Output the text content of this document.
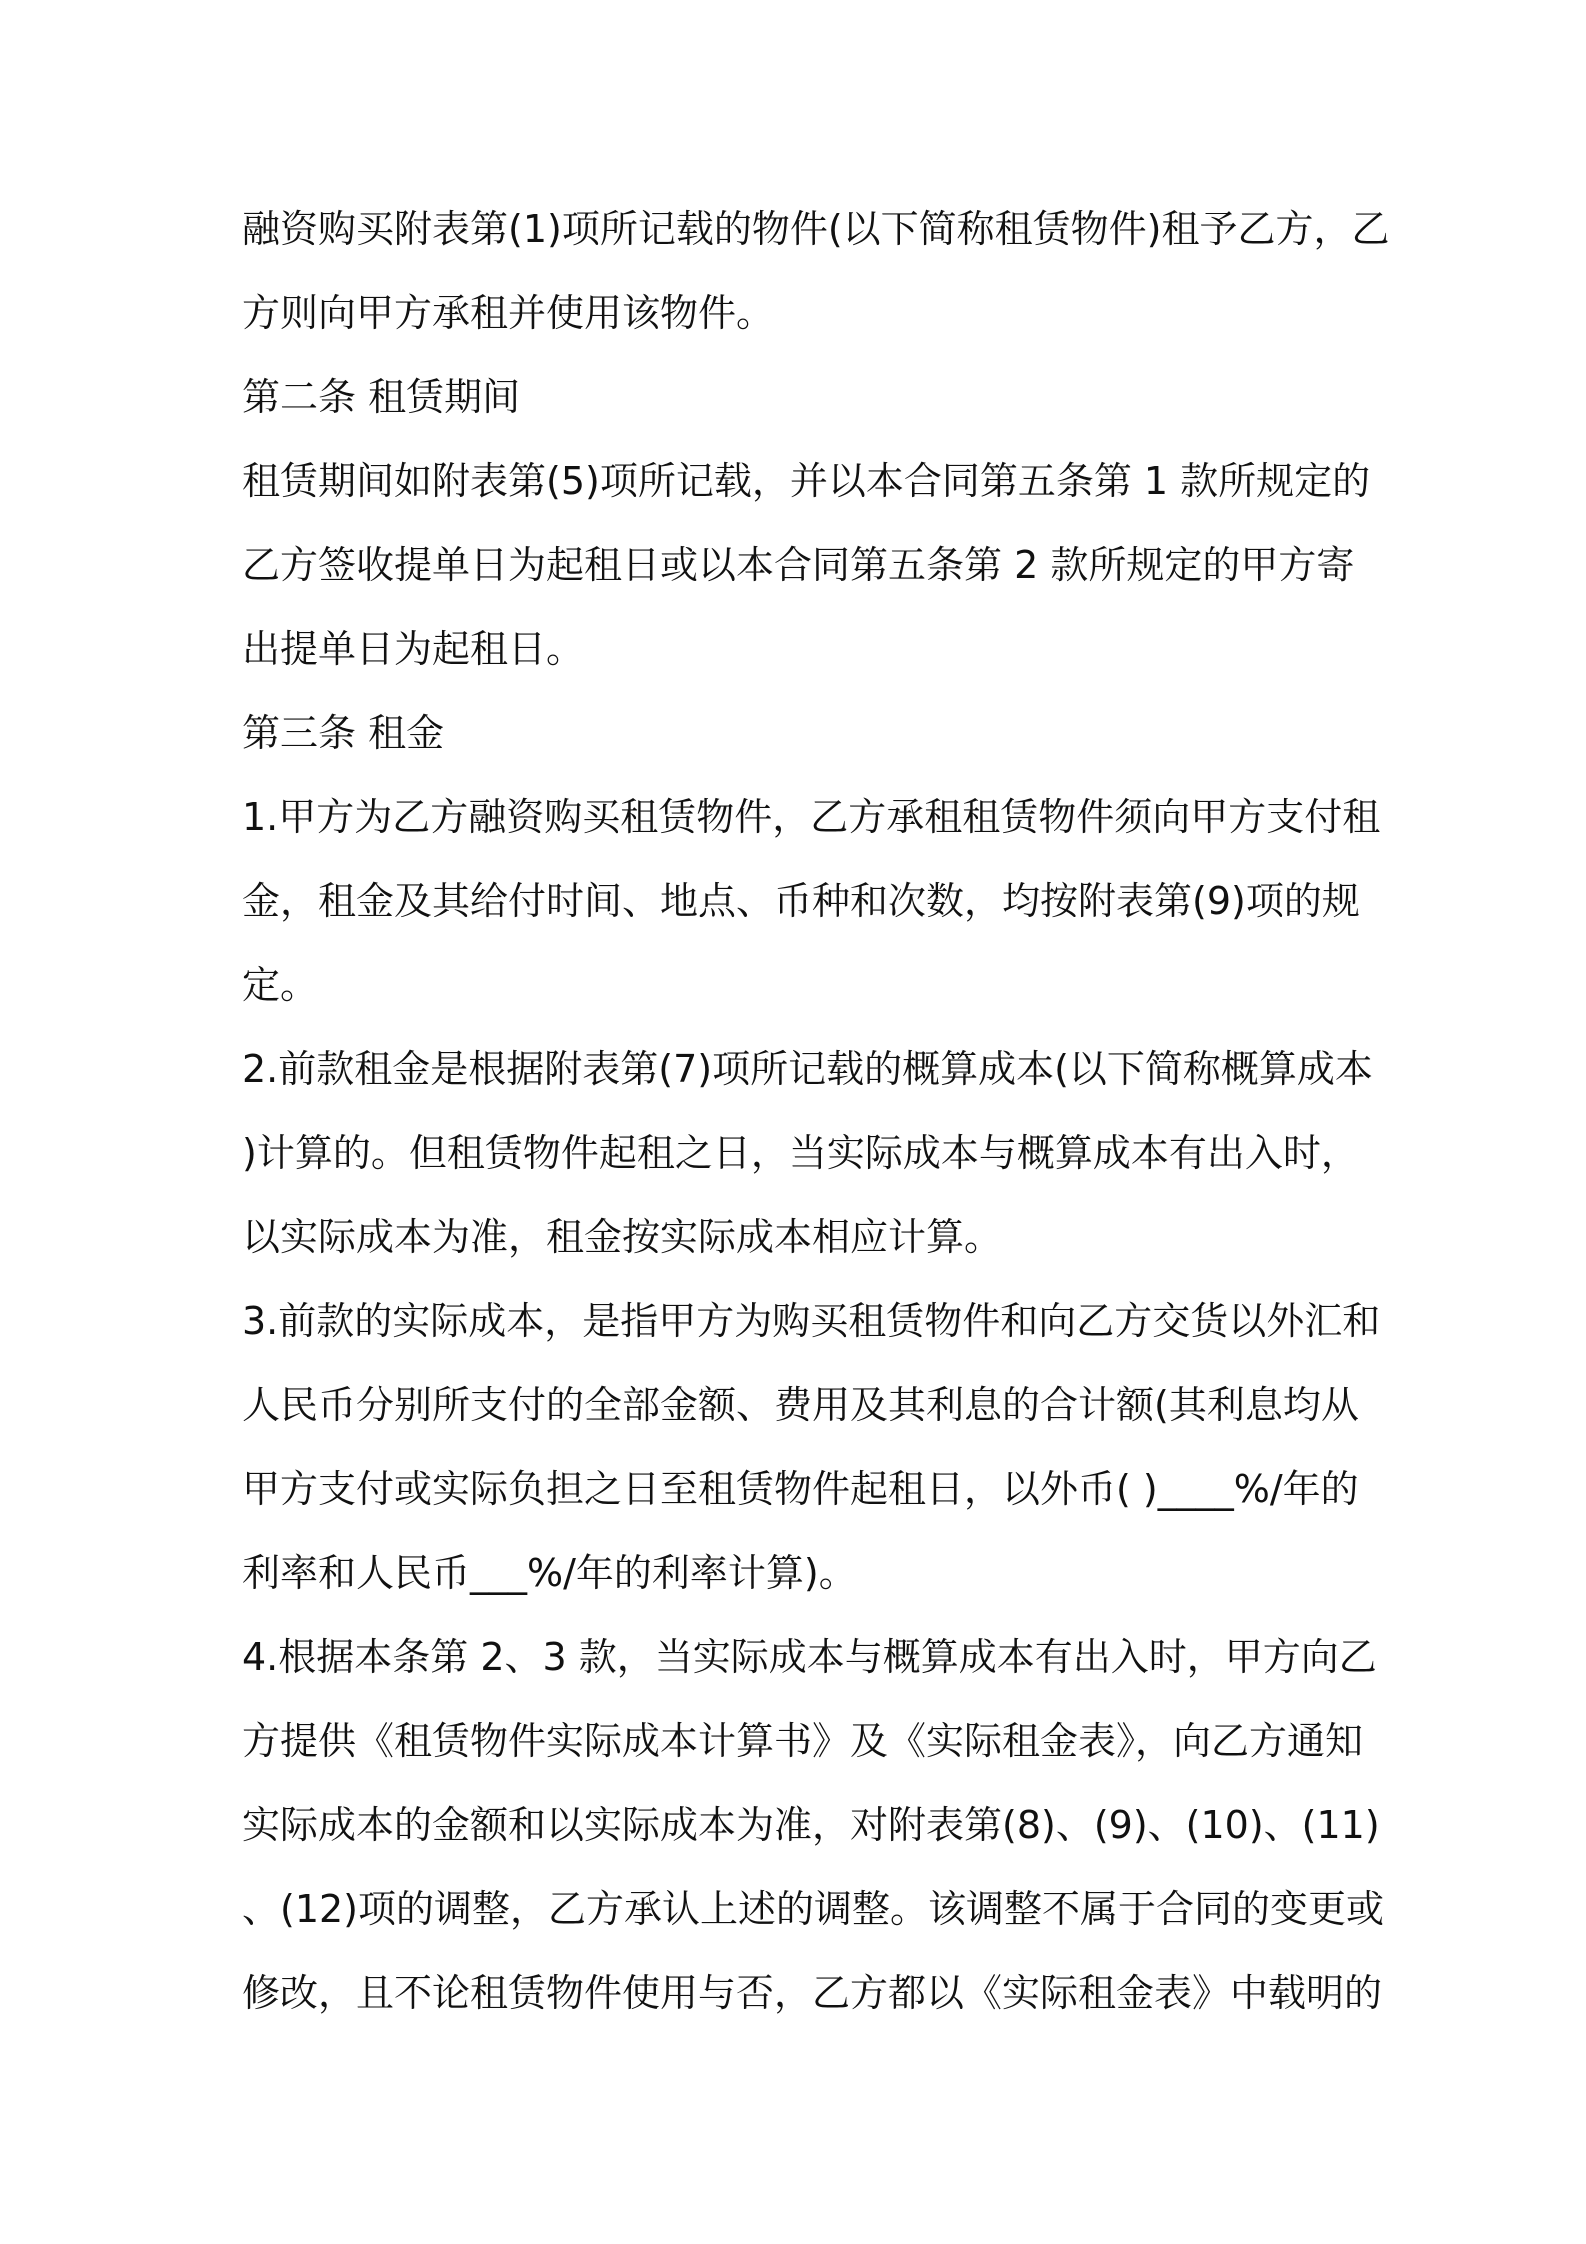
融资购买附表第(1)项所记载的物件(以下简称租赁物件)租予乙方，乙
方则向甲方承租并使用该物件。
第二条 租赁期间
租赁期间如附表第(5)项所记载，并以本合同第五条第 1 款所规定的
乙方签收提单日为起租日或以本合同第五条第 2 款所规定的甲方寄
出提单日为起租日。
第三条 租金
1.甲方为乙方融资购买租赁物件，乙方承租租赁物件须向甲方支付租
金，租金及其给付时间、地点、币种和次数，均按附表第(9)项的规
定。
2.前款租金是根据附表第(7)项所记载的概算成本(以下简称概算成本
)计算的。但租赁物件起租之日，当实际成本与概算成本有出入时，
以实际成本为准，租金按实际成本相应计算。
3.前款的实际成本，是指甲方为购买租赁物件和向乙方交货以外汇和
人民币分别所支付的全部金额、费用及其利息的合计额(其利息均从
甲方支付或实际负担之日至租赁物件起租日，以外币( )____%/年的
利率和人民币___%/年的利率计算)。
4.根据本条第 2、3 款，当实际成本与概算成本有出入时，甲方向乙
方提供《租赁物件实际成本计算书》及《实际租金表》，向乙方通知
实际成本的金额和以实际成本为准，对附表第(8)、(9)、(10)、(11)
、(12)项的调整，乙方承认上述的调整。该调整不属于合同的变更或
修改，且不论租赁物件使用与否，乙方都以《实际租金表》中载明的
